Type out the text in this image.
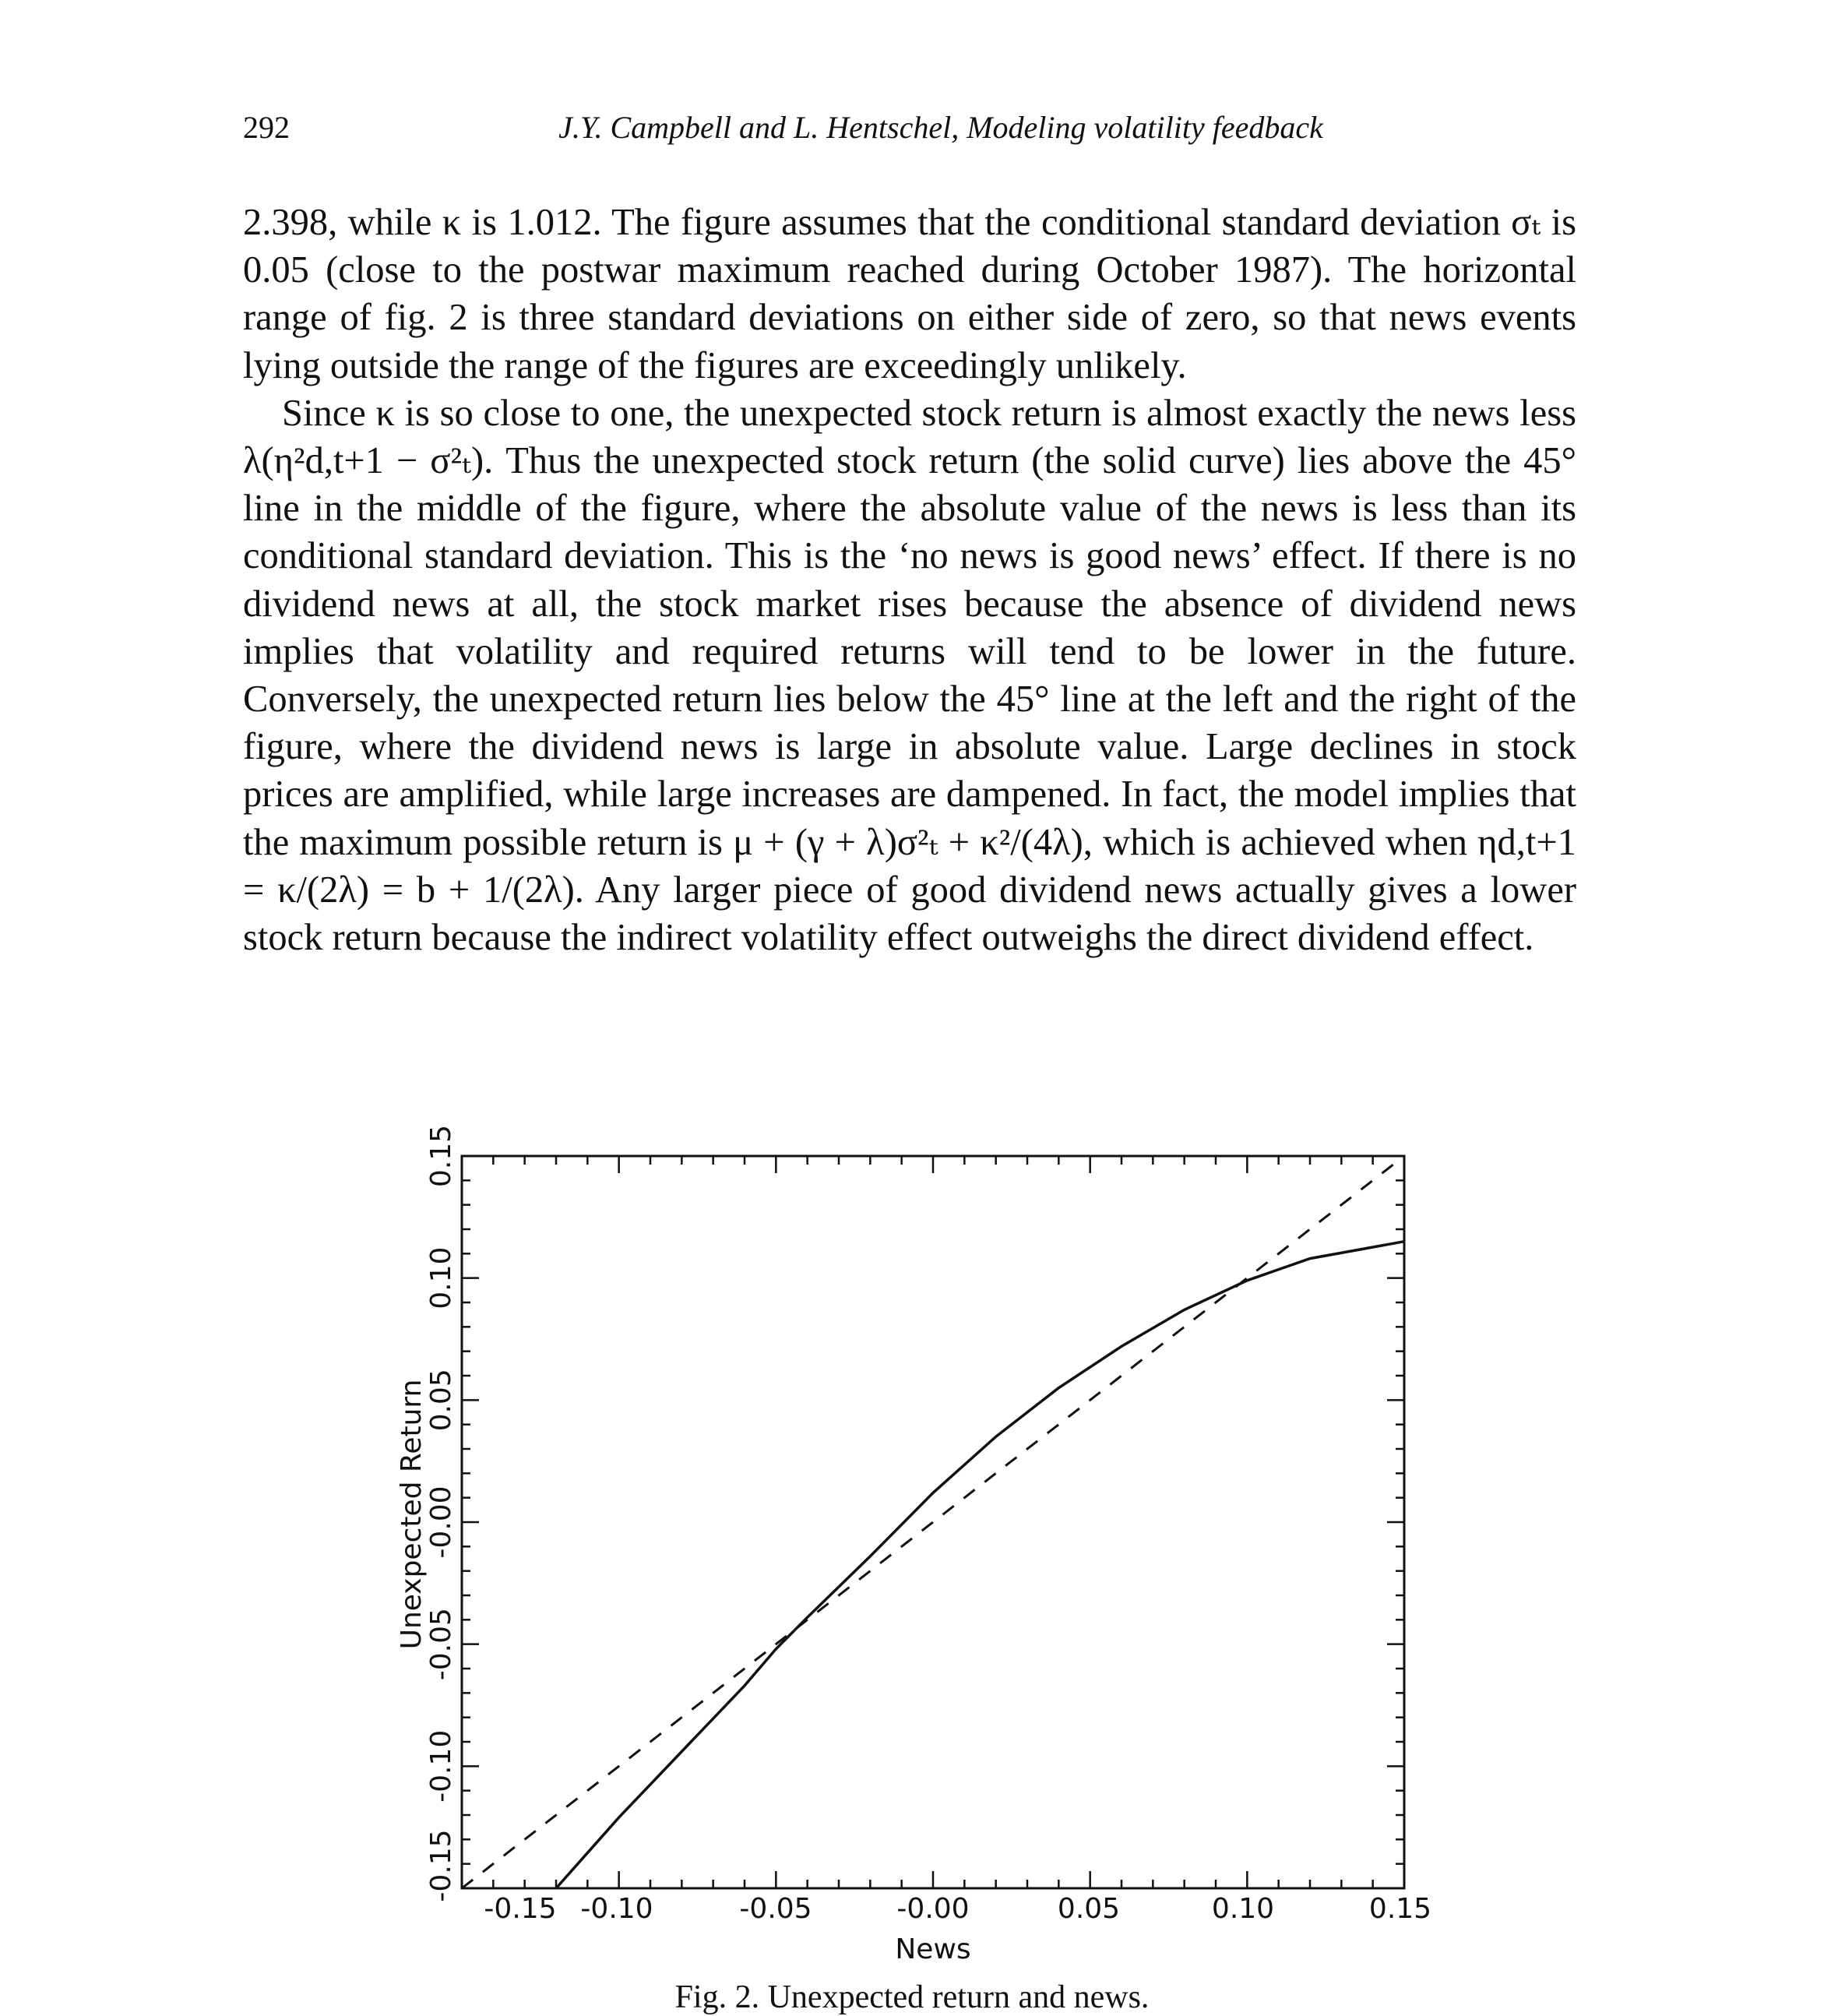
292	J.Y. Campbell and L. Hentschel, Modeling volatility feedback

2.398, while κ is 1.012. The figure assumes that the conditional standard deviation σₜ is 0.05 (close to the postwar maximum reached during October 1987). The horizontal range of fig. 2 is three standard deviations on either side of zero, so that news events lying outside the range of the figures are exceedingly unlikely.

Since κ is so close to one, the unexpected stock return is almost exactly the news less λ(η²d,t+1 − σ²ₜ). Thus the unexpected stock return (the solid curve) lies above the 45° line in the middle of the figure, where the absolute value of the news is less than its conditional standard deviation. This is the ‘no news is good news’ effect. If there is no dividend news at all, the stock market rises because the absence of dividend news implies that volatility and required returns will tend to be lower in the future. Conversely, the unexpected return lies below the 45° line at the left and the right of the figure, where the dividend news is large in absolute value. Large declines in stock prices are amplified, while large increases are dampened. In fact, the model implies that the maximum possible return is μ + (γ + λ)σ²ₜ + κ²/(4λ), which is achieved when ηd,t+1 = κ/(2λ) = b + 1/(2λ). Any larger piece of good dividend news actually gives a lower stock return because the indirect volatility effect outweighs the direct dividend effect.

-0.15 -0.10	-0.05	-0.00	0.05	0.10	0.15
-0.15
-0.10
-0.05
-0.00
0.05
0.10
0.15
News
Unexpected Return
Fig. 2. Unexpected return and news.
